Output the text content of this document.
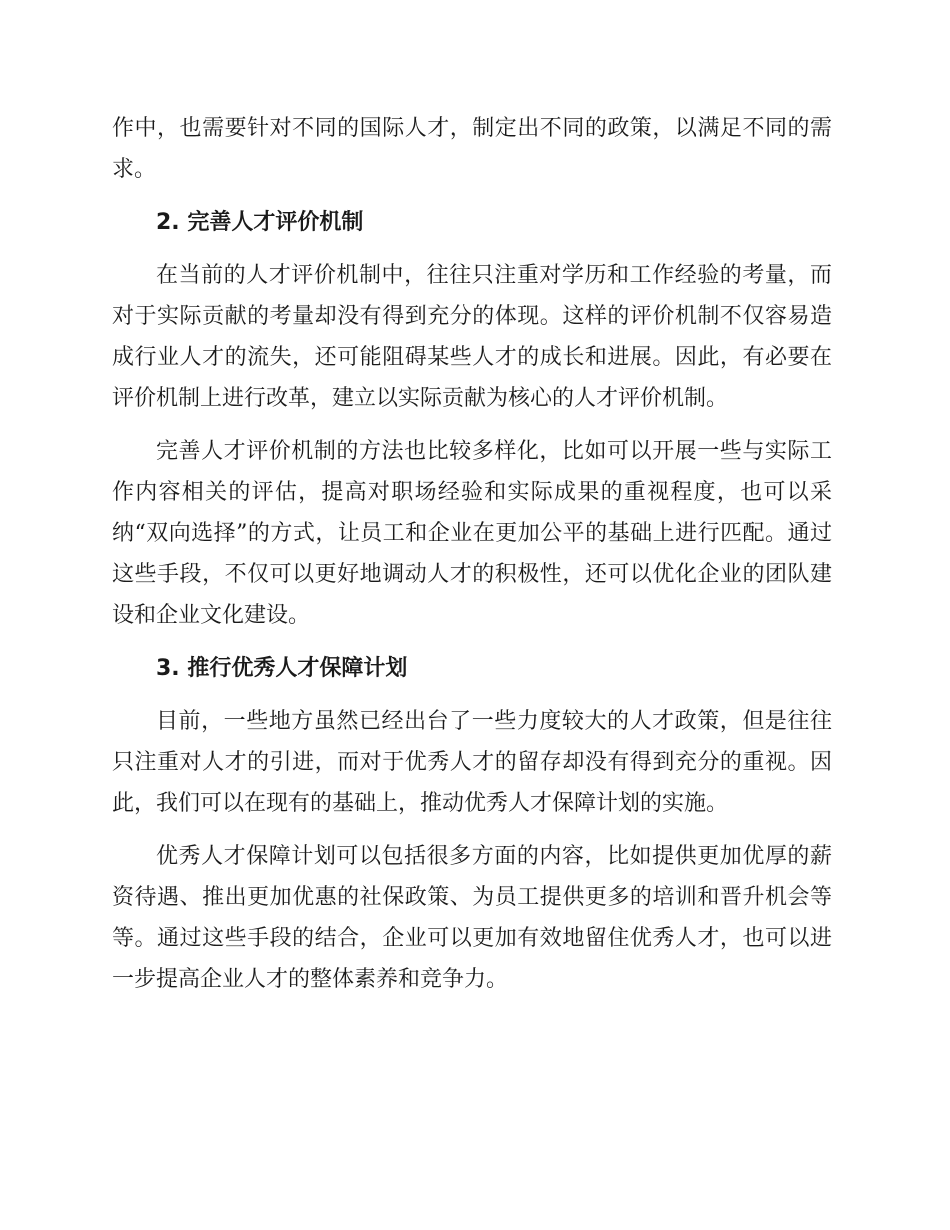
作中，也需要针对不同的国际人才，制定出不同的政策，以满足不同的需求。

2. 完善人才评价机制

在当前的人才评价机制中，往往只注重对学历和工作经验的考量，而对于实际贡献的考量却没有得到充分的体现。这样的评价机制不仅容易造成行业人才的流失，还可能阻碍某些人才的成长和进展。因此，有必要在评价机制上进行改革，建立以实际贡献为核心的人才评价机制。

完善人才评价机制的方法也比较多样化，比如可以开展一些与实际工作内容相关的评估，提高对职场经验和实际成果的重视程度，也可以采纳“双向选择”的方式，让员工和企业在更加公平的基础上进行匹配。通过这些手段，不仅可以更好地调动人才的积极性，还可以优化企业的团队建设和企业文化建设。

3. 推行优秀人才保障计划

目前，一些地方虽然已经出台了一些力度较大的人才政策，但是往往只注重对人才的引进，而对于优秀人才的留存却没有得到充分的重视。因此，我们可以在现有的基础上，推动优秀人才保障计划的实施。

优秀人才保障计划可以包括很多方面的内容，比如提供更加优厚的薪资待遇、推出更加优惠的社保政策、为员工提供更多的培训和晋升机会等等。通过这些手段的结合，企业可以更加有效地留住优秀人才，也可以进一步提高企业人才的整体素养和竞争力。
